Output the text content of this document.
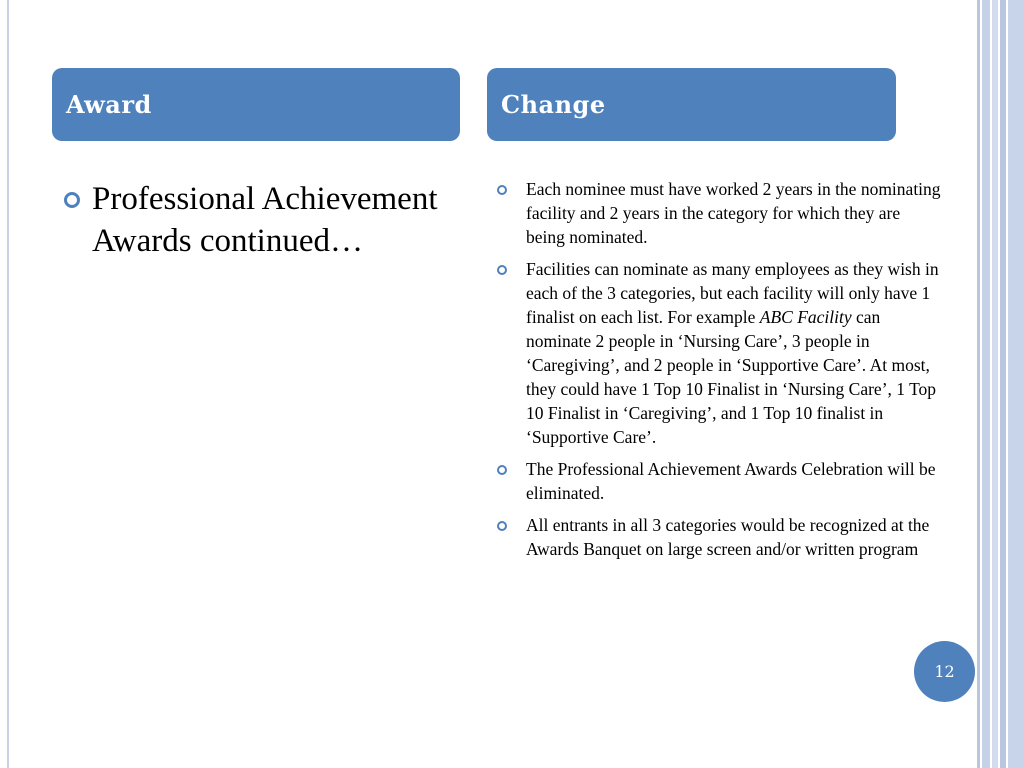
Award	Change
Professional Achievement Awards continued…
Each nominee must have worked 2 years in the nominating facility and 2 years in the category for which they are being nominated.
Facilities can nominate as many employees as they wish in each of the 3 categories, but each facility will only have 1 finalist on each list. For example ABC Facility can nominate 2 people in ‘Nursing Care’, 3 people in ‘Caregiving’, and 2 people in ‘Supportive Care’. At most, they could have 1 Top 10 Finalist in ‘Nursing Care’, 1 Top 10 Finalist in ‘Caregiving’, and 1 Top 10 finalist in ‘Supportive Care’.
The Professional Achievement Awards Celebration will be eliminated.
All entrants in all 3 categories would be recognized at the Awards Banquet on large screen and/or written program
12
